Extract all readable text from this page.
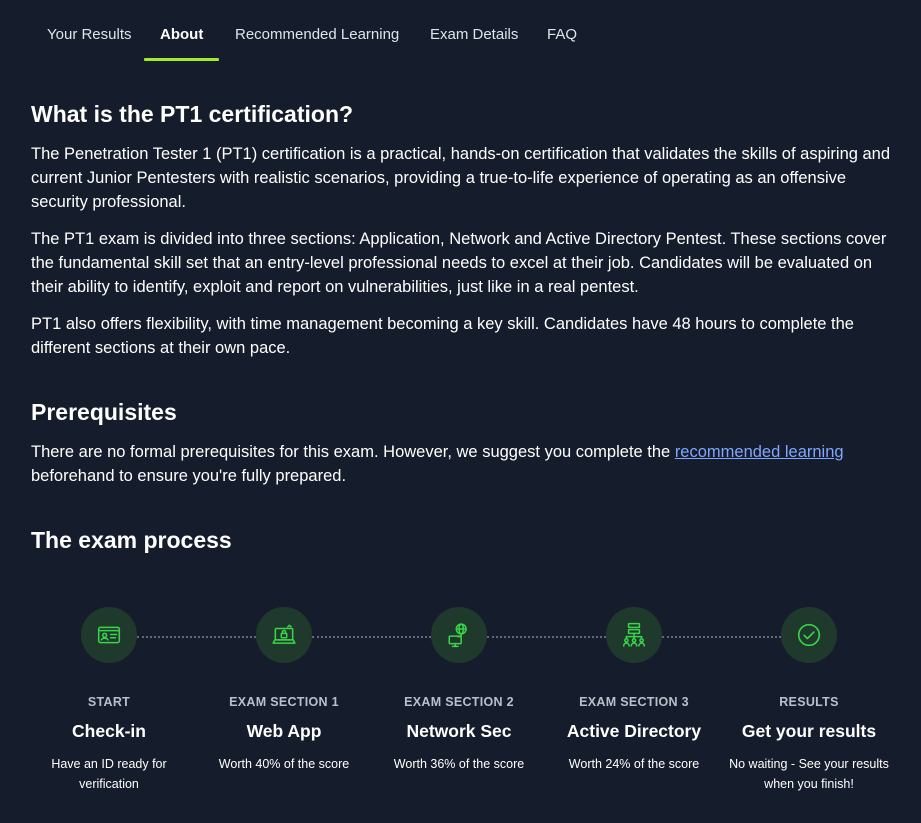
Your Results About Recommended Learning Exam Details FAQ
What is the PT1 certification?

The Penetration Tester 1 (PT1) certification is a practical, hands-on certification that validates the skills of aspiring and current Junior Pentesters with realistic scenarios, providing a true-to-life experience of operating as an offensive security professional.

The PT1 exam is divided into three sections: Application, Network and Active Directory Pentest. These sections cover the fundamental skill set that an entry-level professional needs to excel at their job. Candidates will be evaluated on their ability to identify, exploit and report on vulnerabilities, just like in a real pentest.

PT1 also offers flexibility, with time management becoming a key skill. Candidates have 48 hours to complete the different sections at their own pace.

Prerequisites

There are no formal prerequisites for this exam. However, we suggest you complete the recommended learning beforehand to ensure you're fully prepared.

The exam process
START
Check-in
Have an ID ready for verification
EXAM SECTION 1
Web App
Worth 40% of the score
EXAM SECTION 2
Network Sec
Worth 36% of the score
EXAM SECTION 3
Active Directory
Worth 24% of the score
RESULTS
Get your results
No waiting - See your results when you finish!
